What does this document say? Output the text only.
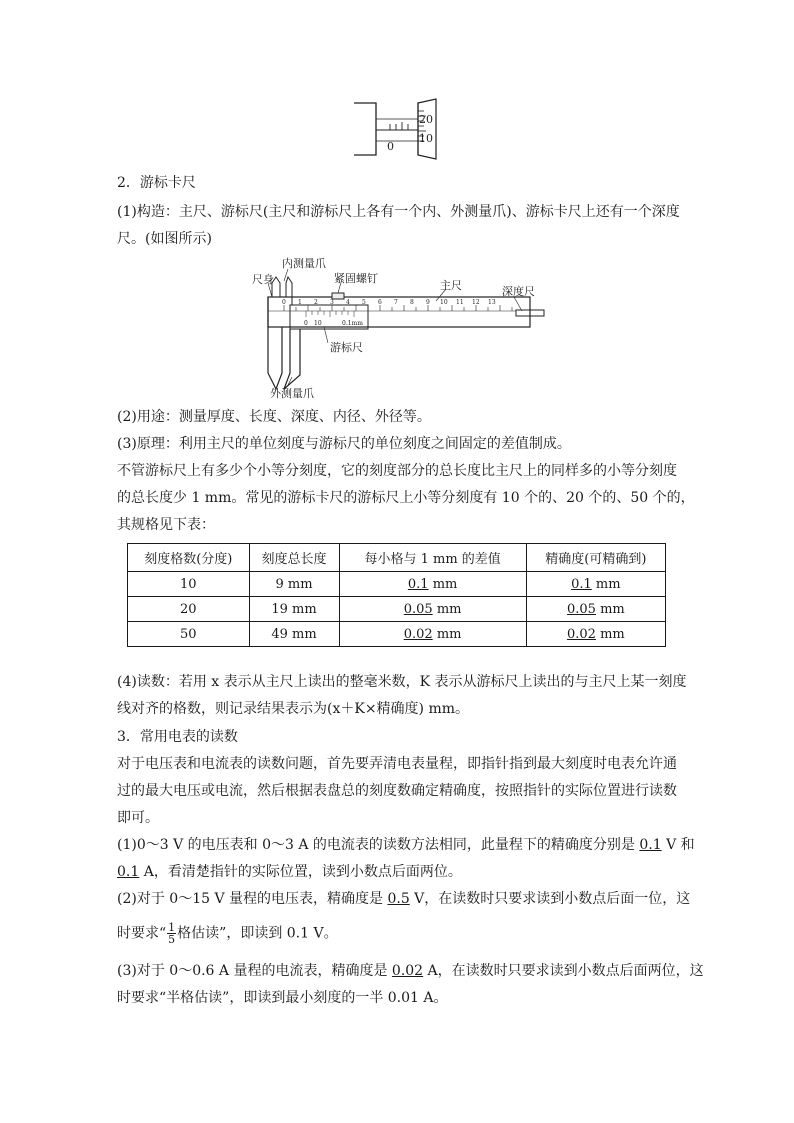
20
10
0
2．游标卡尺
(1)构造：主尺、游标尺(主尺和游标尺上各有一个内、外测量爪)、游标卡尺上还有一个深度
尺。(如图所示)
0 1 2 3 4 5 6 7 8 9 10 11 12 13
0 10	0.1mm
内测量爪
尺身	紧固螺钉
主尺	深度尺
游标尺
外测量爪
(2)用途：测量厚度、长度、深度、内径、外径等。
(3)原理：利用主尺的单位刻度与游标尺的单位刻度之间固定的差值制成。
不管游标尺上有多少个小等分刻度，它的刻度部分的总长度比主尺上的同样多的小等分刻度
的总长度少 1 mm。常见的游标卡尺的游标尺上小等分刻度有 10 个的、20 个的、50 个的，
其规格见下表：
刻度格数(分度)	刻度总长度	每小格与 1 mm 的差值	精确度(可精确到)
10	9 mm	0.1 mm	0.1 mm
20	19 mm	0.05 mm	0.05 mm
50	49 mm	0.02 mm	0.02 mm
(4)读数：若用 x 表示从主尺上读出的整毫米数，K 表示从游标尺上读出的与主尺上某一刻度
线对齐的格数，则记录结果表示为(x＋K×精确度) mm。
3．常用电表的读数
对于电压表和电流表的读数问题，首先要弄清电表量程，即指针指到最大刻度时电表允许通
过的最大电压或电流，然后根据表盘总的刻度数确定精确度，按照指针的实际位置进行读数
即可。
(1)0～3 V 的电压表和 0～3 A 的电流表的读数方法相同，此量程下的精确度分别是 0.1 V 和
0.1 A，看清楚指针的实际位置，读到小数点后面两位。
(2)对于 0～15 V 量程的电压表，精确度是 0.5 V，在读数时只要求读到小数点后面一位，这
时要求“ $\frac{1}{5}$ 格估读”，即读到 0.1 V。
(3)对于 0～0.6 A 量程的电流表，精确度是 0.02 A，在读数时只要求读到小数点后面两位，这
时要求“半格估读”，即读到最小刻度的一半 0.01 A。
